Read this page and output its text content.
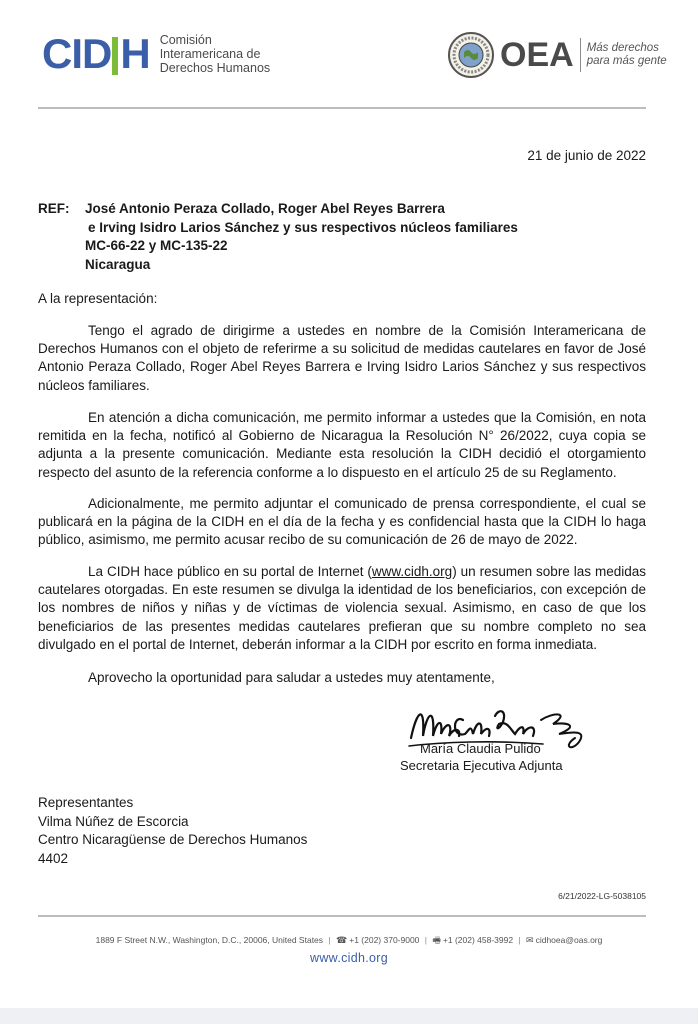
CID H Comisión
Interamericana de
Derechos Humanos	OEA Más derechos
para más gente
21 de junio de 2022
REF: José Antonio Peraza Collado, Roger Abel Reyes Barrera
e Irving Isidro Larios Sánchez y sus respectivos núcleos familiares
MC-66-22 y MC-135-22
Nicaragua
A la representación:
Tengo el agrado de dirigirme a ustedes en nombre de la Comisión Interamericana de Derechos Humanos con el objeto de referirme a su solicitud de medidas cautelares en favor de José Antonio Peraza Collado, Roger Abel Reyes Barrera e Irving Isidro Larios Sánchez y sus respectivos núcleos familiares.
En atención a dicha comunicación, me permito informar a ustedes que la Comisión, en nota remitida en la fecha, notificó al Gobierno de Nicaragua la Resolución N° 26/2022, cuya copia se adjunta a la presente comunicación. Mediante esta resolución la CIDH decidió el otorgamiento respecto del asunto de la referencia conforme a lo dispuesto en el artículo 25 de su Reglamento.
Adicionalmente, me permito adjuntar el comunicado de prensa correspondiente, el cual se publicará en la página de la CIDH en el día de la fecha y es confidencial hasta que la CIDH lo haga público, asimismo, me permito acusar recibo de su comunicación de 26 de mayo de 2022.
La CIDH hace público en su portal de Internet (www.cidh.org) un resumen sobre las medidas cautelares otorgadas. En este resumen se divulga la identidad de los beneficiarios, con excepción de los nombres de niños y niñas y de víctimas de violencia sexual. Asimismo, en caso de que los beneficiarios de las presentes medidas cautelares prefieran que su nombre completo no sea divulgado en el portal de Internet, deberán informar a la CIDH por escrito en forma inmediata.
Aprovecho la oportunidad para saludar a ustedes muy atentamente,
María Claudia Pulido
Secretaria Ejecutiva Adjunta
Representantes
Vilma Núñez de Escorcia
Centro Nicaragüense de Derechos Humanos
4402
6/21/2022-LG-5038105
1889 F Street N.W., Washington, D.C., 20006, United States | ☎ +1 (202) 370-9000 | 🖷 +1 (202) 458-3992 | ✉ cidhoea@oas.org
www.cidh.org
